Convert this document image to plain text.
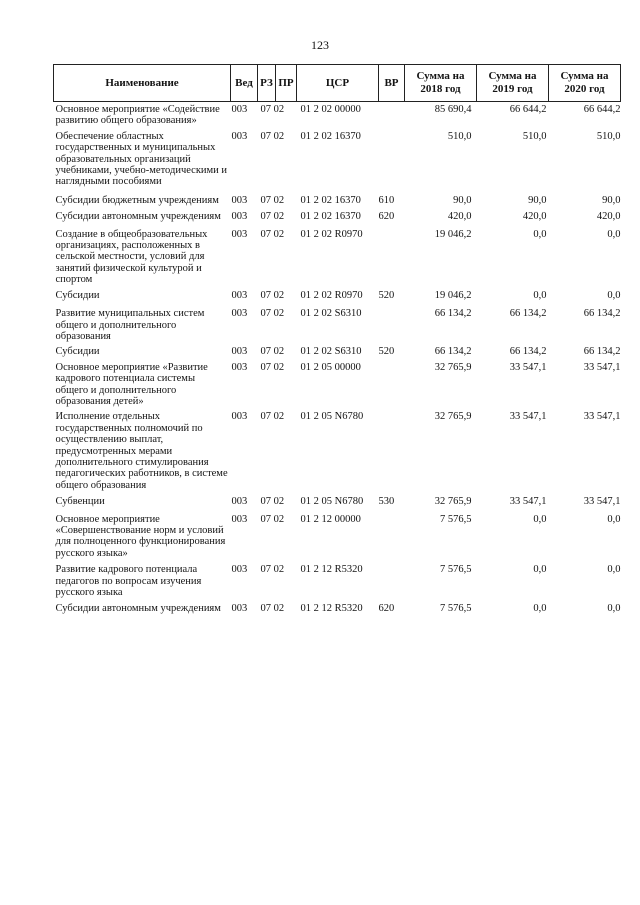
123
Наименование	Вед	РЗ	ПР	ЦСР	ВР	Сумма на 2018 год	Сумма на 2019 год	Сумма на 2020 год
Основное мероприятие «Содействие развитию общего образования»	003	07 02		01 2 02 00000		85 690,4	66 644,2	66 644,2
Обеспечение областных государственных и муниципальных образовательных организаций учебниками, учебно-методическими и наглядными пособиями	003	07 02		01 2 02 16370		510,0	510,0	510,0
Субсидии бюджетным учреждениям	003	07 02		01 2 02 16370	610	90,0	90,0	90,0
Субсидии автономным учреждениям	003	07 02		01 2 02 16370	620	420,0	420,0	420,0
Создание в общеобразовательных организациях, расположенных в сельской местности, условий для занятий физической культурой и спортом	003	07 02		01 2 02 R0970		19 046,2	0,0	0,0
Субсидии	003	07 02		01 2 02 R0970	520	19 046,2	0,0	0,0
Развитие муниципальных систем общего и дополнительного образования	003	07 02		01 2 02 S6310		66 134,2	66 134,2	66 134,2
Субсидии	003	07 02		01 2 02 S6310	520	66 134,2	66 134,2	66 134,2
Основное мероприятие «Развитие кадрового потенциала системы общего и дополнительного образования детей»	003	07 02		01 2 05 00000		32 765,9	33 547,1	33 547,1
Исполнение отдельных государственных полномочий по осуществлению выплат, предусмотренных мерами дополнительного стимулирования педагогических работников, в системе общего образования	003	07 02		01 2 05 N6780		32 765,9	33 547,1	33 547,1
Субвенции	003	07 02		01 2 05 N6780	530	32 765,9	33 547,1	33 547,1
Основное мероприятие «Совершенствование норм и условий для полноценного функционирования русского языка»	003	07 02		01 2 12 00000		7 576,5	0,0	0,0
Развитие кадрового потенциала педагогов по вопросам изучения русского языка	003	07 02		01 2 12 R5320		7 576,5	0,0	0,0
Субсидии автономным учреждениям	003	07 02		01 2 12 R5320	620	7 576,5	0,0	0,0
